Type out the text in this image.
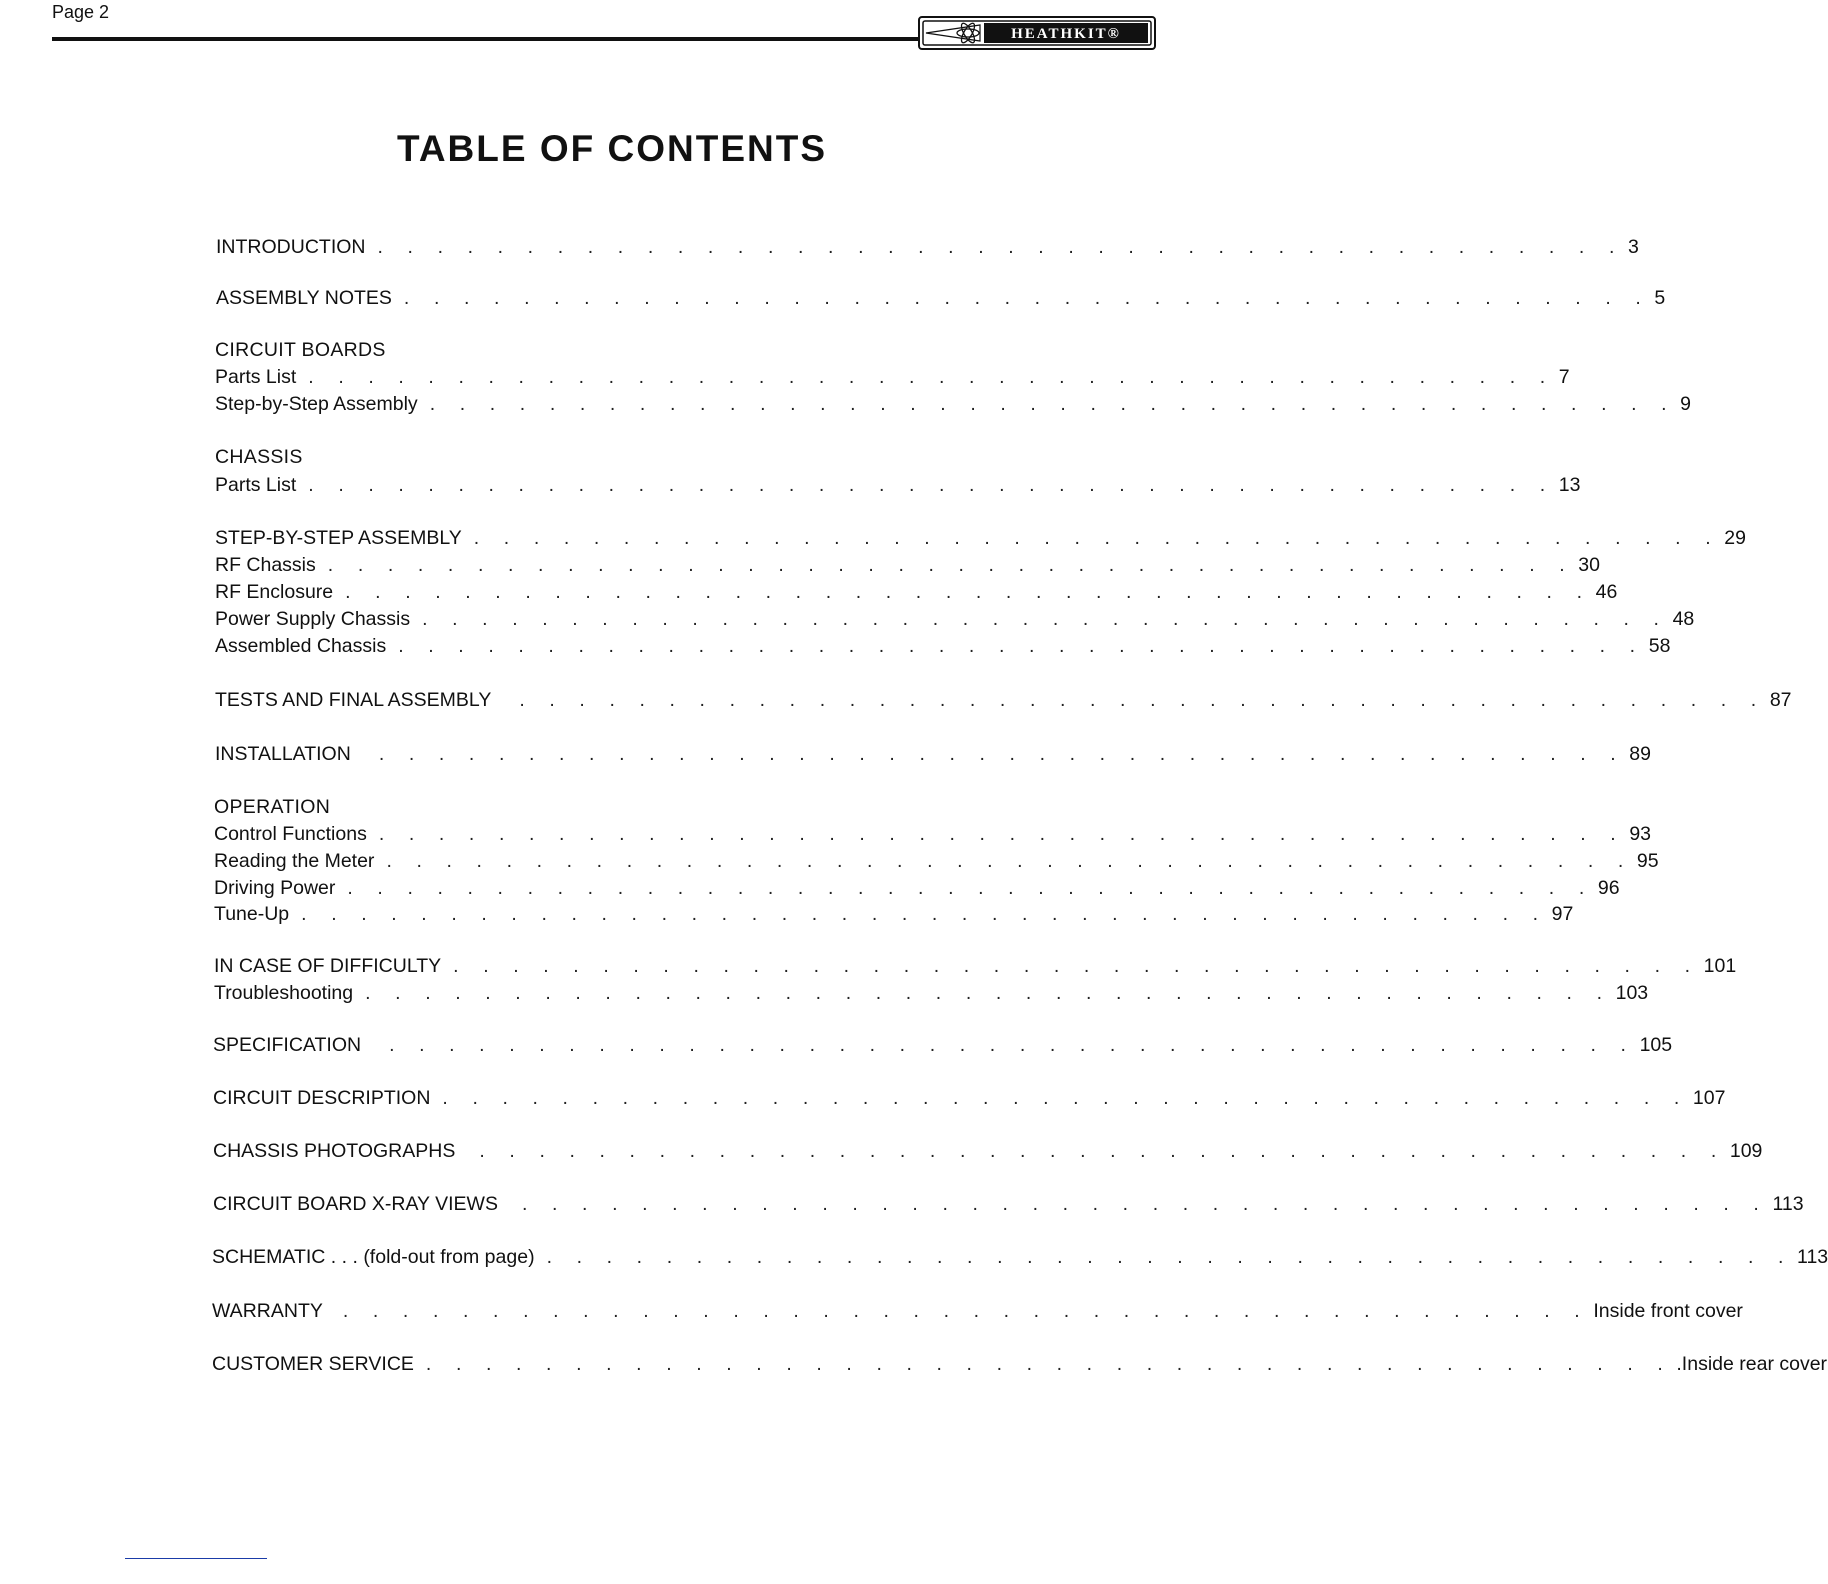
Page 2
HEATHKIT®
TABLE OF CONTENTS
INTRODUCTION . . . . . . . . . . . . . . . . . . . . . . . . . . . . . . . . . . . . . . . . . . 3
ASSEMBLY NOTES . . . . . . . . . . . . . . . . . . . . . . . . . . . . . . . . . . . . . . . . . . 5
CIRCUIT BOARDS
Parts List . . . . . . . . . . . . . . . . . . . . . . . . . . . . . . . . . . . . . . . . . . 7
Step-by-Step Assembly . . . . . . . . . . . . . . . . . . . . . . . . . . . . . . . . . . . . . . . . . . 9
CHASSIS
Parts List . . . . . . . . . . . . . . . . . . . . . . . . . . . . . . . . . . . . . . . . . . 13
STEP-BY-STEP ASSEMBLY . . . . . . . . . . . . . . . . . . . . . . . . . . . . . . . . . . . . . . . . . . 29
RF Chassis . . . . . . . . . . . . . . . . . . . . . . . . . . . . . . . . . . . . . . . . . . 30
RF Enclosure . . . . . . . . . . . . . . . . . . . . . . . . . . . . . . . . . . . . . . . . . . 46
Power Supply Chassis . . . . . . . . . . . . . . . . . . . . . . . . . . . . . . . . . . . . . . . . . . 48
Assembled Chassis . . . . . . . . . . . . . . . . . . . . . . . . . . . . . . . . . . . . . . . . . . 58
TESTS AND FINAL ASSEMBLY	. . . . . . . . . . . . . . . . . . . . . . . . . . . . . . . . . . . . . . . . . . 87
INSTALLATION	. . . . . . . . . . . . . . . . . . . . . . . . . . . . . . . . . . . . . . . . . . 89
OPERATION
Control Functions . . . . . . . . . . . . . . . . . . . . . . . . . . . . . . . . . . . . . . . . . . 93
Reading the Meter . . . . . . . . . . . . . . . . . . . . . . . . . . . . . . . . . . . . . . . . . . 95
Driving Power . . . . . . . . . . . . . . . . . . . . . . . . . . . . . . . . . . . . . . . . . . 96
Tune-Up . . . . . . . . . . . . . . . . . . . . . . . . . . . . . . . . . . . . . . . . . . 97
IN CASE OF DIFFICULTY . . . . . . . . . . . . . . . . . . . . . . . . . . . . . . . . . . . . . . . . . . 101
Troubleshooting . . . . . . . . . . . . . . . . . . . . . . . . . . . . . . . . . . . . . . . . . . 103
SPECIFICATION	. . . . . . . . . . . . . . . . . . . . . . . . . . . . . . . . . . . . . . . . . . 105
CIRCUIT DESCRIPTION . . . . . . . . . . . . . . . . . . . . . . . . . . . . . . . . . . . . . . . . . . 107
CHASSIS PHOTOGRAPHS	. . . . . . . . . . . . . . . . . . . . . . . . . . . . . . . . . . . . . . . . . . 109
CIRCUIT BOARD X-RAY VIEWS	. . . . . . . . . . . . . . . . . . . . . . . . . . . . . . . . . . . . . . . . . . 113
SCHEMATIC . . . (fold-out from page) . . . . . . . . . . . . . . . . . . . . . . . . . . . . . . . . . . . . . . . . . . 113
WARRANTY	. . . . . . . . . . . . . . . . . . . . . . . . . . . . . . . . . . . . . . . . . . Inside front cover
CUSTOMER SERVICE . . . . . . . . . . . . . . . . . . . . . . . . . . . . . . . . . . . . . . . . . . .Inside rear cover
